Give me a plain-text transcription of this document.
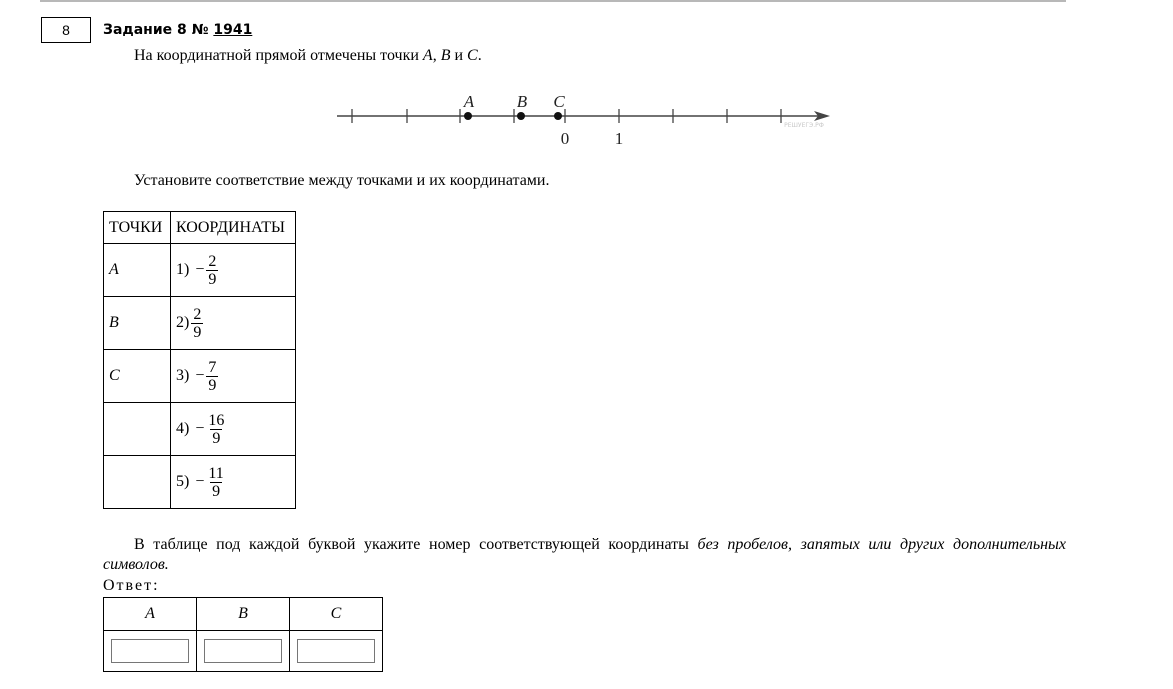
8 Задание 8 № 1941
На координатной прямой отмечены точки A, B и C.
A	B C
0	1
РЕШУЕГЭ.РФ
Установите соответствие между точками и их координатами.
ТОЧКИ	КООРДИНАТЫ
A	$1) - \frac{2}{9}$

B	$2) \frac{2}{9}$

C	$3) - \frac{7}{9}$

	$4) - \frac{16}{9}$

	$5) - \frac{11}{9}$
В таблице под каждой буквой укажите номер соответствующей координаты без пробелов, запятых или других дополнительных символов.
Ответ:
A	B	C
